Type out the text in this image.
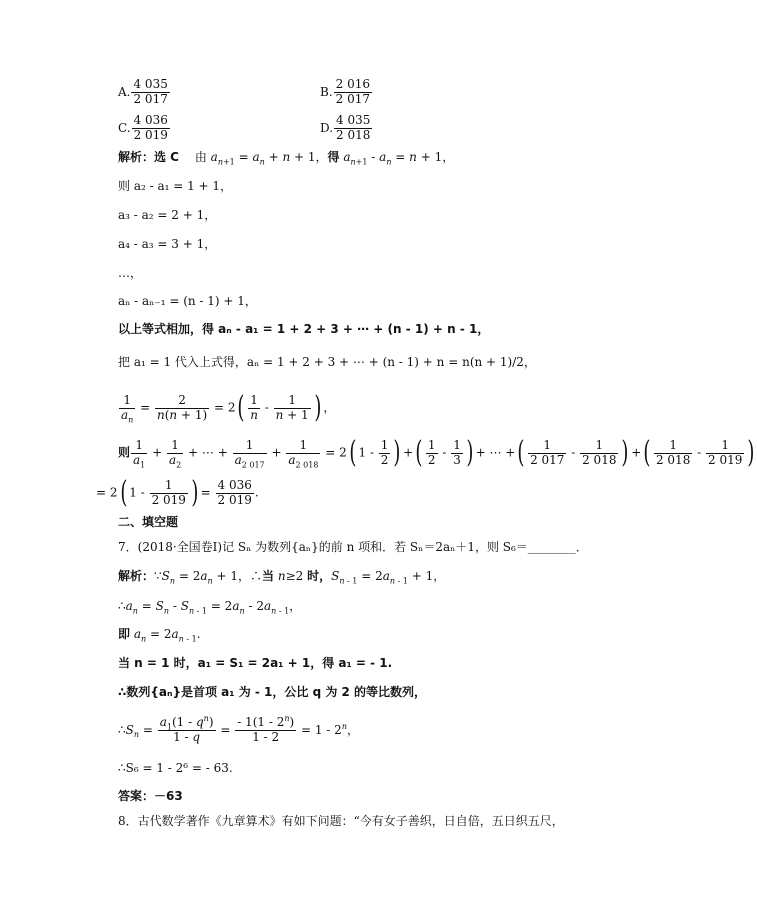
A. $\frac{4 035}{2 017}$	B. $\frac{2 016}{2 017}$
C. $\frac{4 036}{2 019}$	D. $\frac{4 035}{2 018}$
解析：选 C 　由 $a_{n+1} = a_n + n + 1$，得 $a_{n+1} - a_n = n + 1$，
则 a₂ - a₁ = 1 + 1，
a₃ - a₂ = 2 + 1，
a₄ - a₃ = 3 + 1，
…，
aₙ - aₙ₋₁ = (n - 1) + 1，
以上等式相加，得 aₙ - a₁ = 1 + 2 + 3 + ⋯ + (n - 1) + n - 1，
把 a₁ = 1 代入上式得，aₙ = 1 + 2 + 3 + ⋯ + (n - 1) + n = n(n + 1)/2，
$\frac{1}{a_n} = \frac{2}{n(n + 1)} = 2( \frac{1}{n} - \frac{1}{n + 1}$ ) ，
则 $\frac{1}{a_1} + \frac{1}{a_2}$ + ⋯ + $\frac{1}{a_{2 017}} + \frac{1}{a_{2 018}} = 2$( $1 - \frac{1}{2}$ ) +( $\frac{1}{2} - \frac{1}{3}$ ) + ⋯ +( $\frac{1}{2 017} - \frac{1}{2 018}$ ) +( $\frac{1}{2 018} - \frac{1}{2 019}$ )
= 2( $1 - \frac{1}{2 019}$ ) = $\frac{4 036}{2 019}$ .
二、填空题
7．(2018·全国卷Ⅰ)记 Sₙ 为数列{aₙ}的前 n 项和．若 Sₙ＝2aₙ＋1，则 S₆＝________．
解析：$\because S_n = 2a_n + 1$，∴当 n≥2 时，$S_{n - 1} = 2a_{n - 1} + 1$，
$\therefore a_n = S_n - S_{n - 1} = 2a_n - 2a_{n - 1}$，
即 $a_n = 2a_{n - 1}$.
当 n = 1 时，a₁ = S₁ = 2a₁ + 1，得 a₁ = - 1.
∴数列{aₙ}是首项 a₁ 为 - 1，公比 q 为 2 的等比数列，
$\therefore S_n = \frac{a_1(1 - q^n)}{1 - q} = \frac{- 1(1 - 2^n)}{1 - 2} = 1 - 2^n$，
∴S₆ = 1 - 2⁶ = - 63.
答案：－63
8．古代数学著作《九章算术》有如下问题：“今有女子善织，日自倍，五日织五尺，
